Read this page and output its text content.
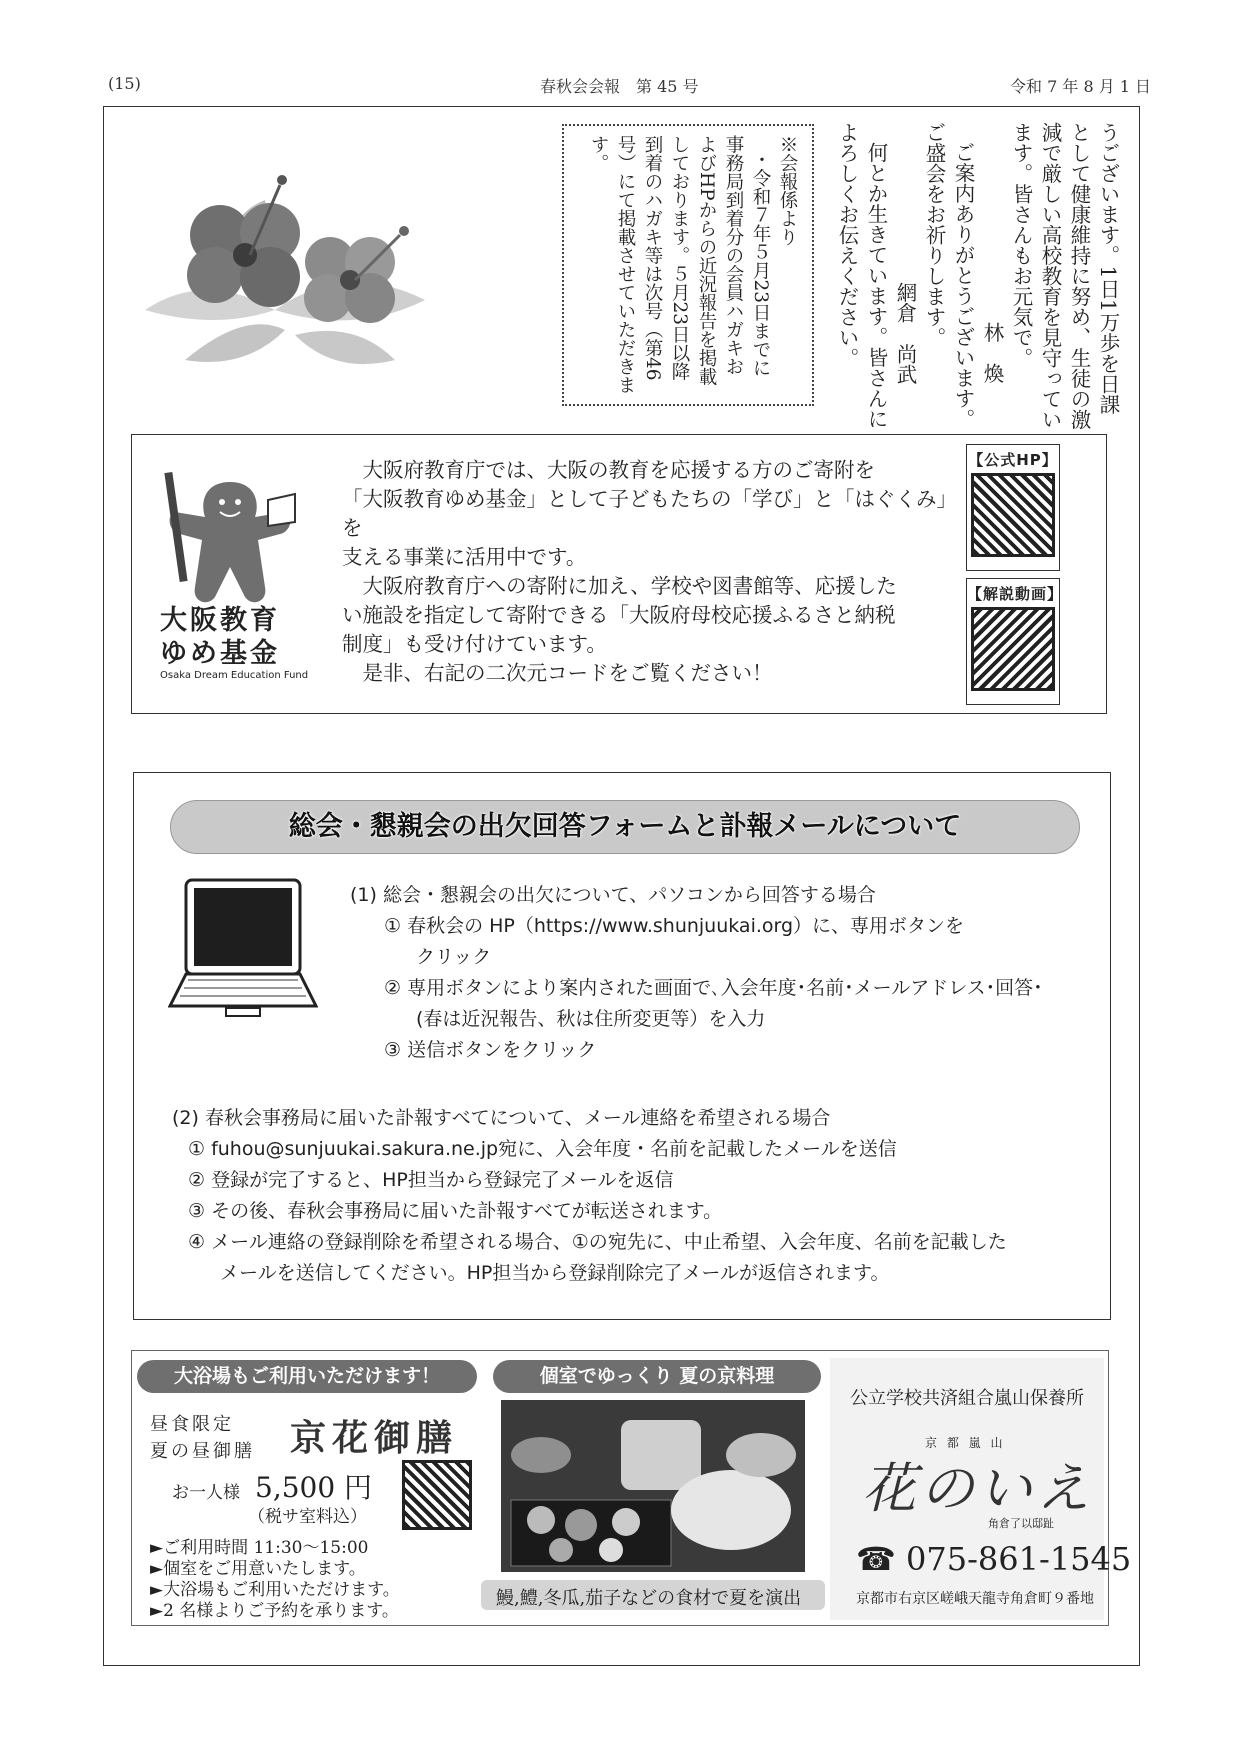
(15)	春秋会会報　第 45 号	令和 7 年 8 月 1 日
※会報係より
・令和７年５月23日までに
事務局到着分の会員ハガキお
よびHPからの近況報告を掲載
しております。５月23日以降
到着のハガキ等は次号（第46
号）にて掲載させていただきま
す。	うございます。1日1万歩を日課
として健康維持に努め、生徒の激
減で厳しい高校教育を見守ってい
ます。皆さんもお元気で。
林　煥
ご案内ありがとうございます。
ご盛会をお祈りします。
網倉　尚武
何とか生きています。皆さんに
よろしくお伝えください。
大阪教育
ゆめ基金
Osaka Dream Education Fund

　大阪府教育庁では、大阪の教育を応援する方のご寄附を

「大阪教育ゆめ基金」として子どもたちの「学び」と「はぐくみ」を

支える事業に活用中です。

　大阪府教育庁への寄附に加え、学校や図書館等、応援した

い施設を指定して寄附できる「大阪府母校応援ふるさと納税

制度」も受け付けています。

　是非、右記の二次元コードをご覧ください！

【公式HP】
【解説動画】
総会・懇親会の出欠回答フォームと訃報メールについて
(1) 総会・懇親会の出欠について、パソコンから回答する場合
① 春秋会の HP（https://www.shunjuukai.org）に、専用ボタンを
クリック
② 専用ボタンにより案内された画面で､入会年度･名前･メールアドレス･回答･
(春は近況報告、秋は住所変更等）を入力
③ 送信ボタンをクリック
(2) 春秋会事務局に届いた訃報すべてについて、メール連絡を希望される場合
① fuhou@sunjuukai.sakura.ne.jp宛に、入会年度・名前を記載したメールを送信
② 登録が完了すると、HP担当から登録完了メールを返信
③ その後、春秋会事務局に届いた訃報すべてが転送されます。
④ メール連絡の登録削除を希望される場合、①の宛先に、中止希望、入会年度、名前を記載した
メールを送信してください。HP担当から登録削除完了メールが返信されます。
大浴場もご利用いただけます！
昼食限定
夏の昼御膳 京花御膳
お一人様 5,500 円
（税サ室料込）
►ご利用時間 11:30～15:00
►個室をご用意いたします。
►大浴場もご利用いただけます。
►2 名様よりご予約を承ります。
個室でゆっくり 夏の京料理
鰻,鱧,冬瓜,茄子などの食材で夏を演出
公立学校共済組合嵐山保養所
京 都 嵐 山
花のいえ
角倉了以邸趾
☎ 075-861-1545
京都市右京区嵯峨天龍寺角倉町９番地
